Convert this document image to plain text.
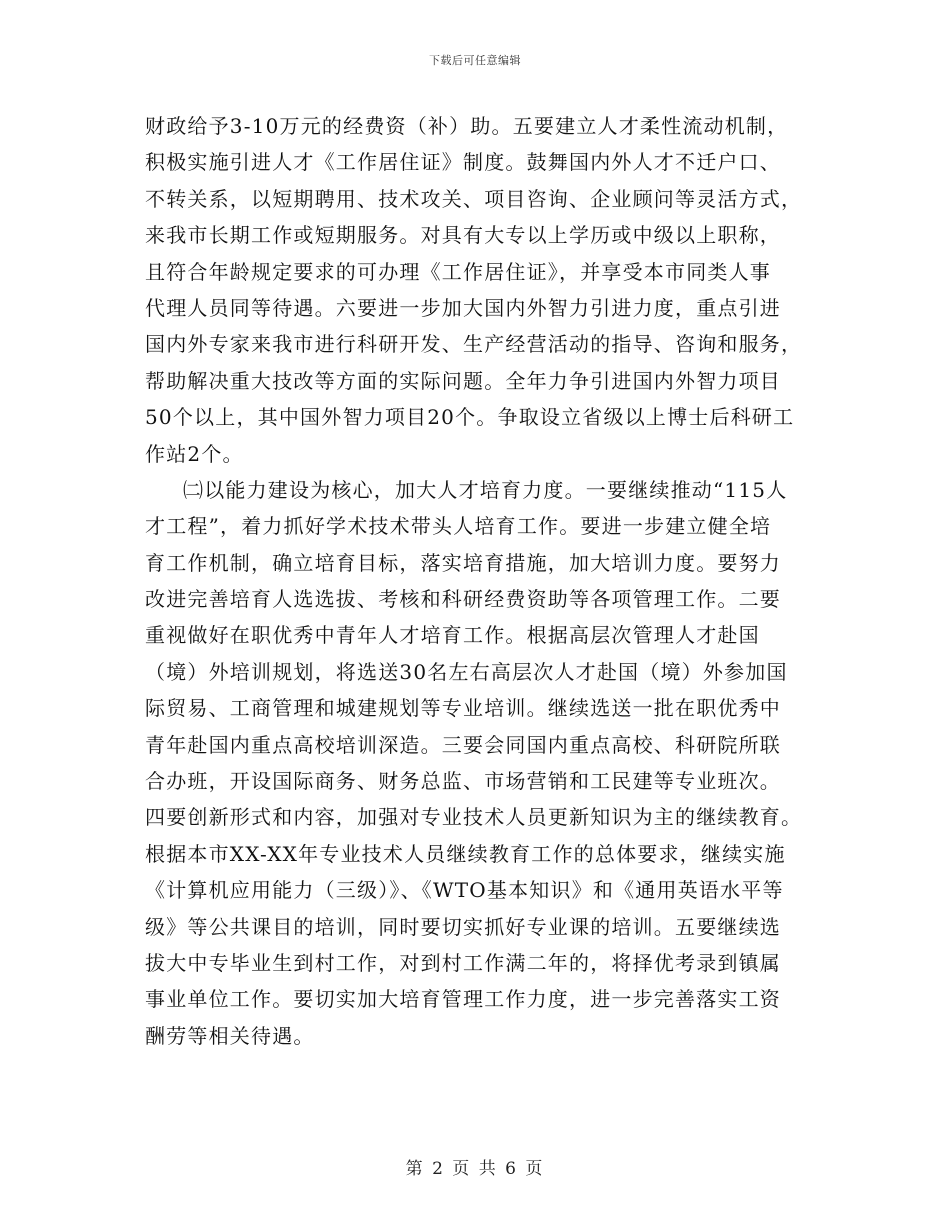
下载后可任意编辑
财政给予3-10万元的经费资（补）助。五要建立人才柔性流动机制，
积极实施引进人才《工作居住证》制度。鼓舞国内外人才不迁户口、
不转关系，以短期聘用、技术攻关、项目咨询、企业顾问等灵活方式，
来我市长期工作或短期服务。对具有大专以上学历或中级以上职称，
且符合年龄规定要求的可办理《工作居住证》，并享受本市同类人事
代理人员同等待遇。六要进一步加大国内外智力引进力度，重点引进
国内外专家来我市进行科研开发、生产经营活动的指导、咨询和服务，
帮助解决重大技改等方面的实际问题。全年力争引进国内外智力项目
50个以上，其中国外智力项目20个。争取设立省级以上博士后科研工
作站2个。
㈡以能力建设为核心，加大人才培育力度。一要继续推动“115人
才工程”，着力抓好学术技术带头人培育工作。要进一步建立健全培
育工作机制，确立培育目标，落实培育措施，加大培训力度。要努力
改进完善培育人选选拔、考核和科研经费资助等各项管理工作。二要
重视做好在职优秀中青年人才培育工作。根据高层次管理人才赴国
（境）外培训规划，将选送30名左右高层次人才赴国（境）外参加国
际贸易、工商管理和城建规划等专业培训。继续选送一批在职优秀中
青年赴国内重点高校培训深造。三要会同国内重点高校、科研院所联
合办班，开设国际商务、财务总监、市场营销和工民建等专业班次。
四要创新形式和内容，加强对专业技术人员更新知识为主的继续教育。
根据本市XX-XX年专业技术人员继续教育工作的总体要求，继续实施
《计算机应用能力（三级）》、《WTO基本知识》和《通用英语水平等
级》等公共课目的培训，同时要切实抓好专业课的培训。五要继续选
拔大中专毕业生到村工作，对到村工作满二年的，将择优考录到镇属
事业单位工作。要切实加大培育管理工作力度，进一步完善落实工资
酬劳等相关待遇。
第 2 页 共 6 页
